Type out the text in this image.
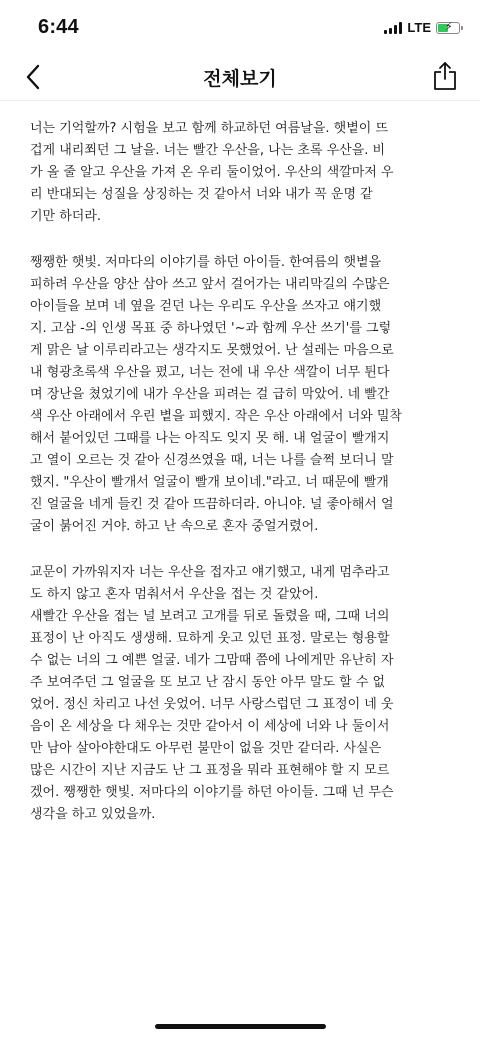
6:44	LTE ⚡
전체보기

너는 기억할까? 시험을 보고 함께 하교하던 여름날을. 햇볕이 뜨
겁게 내리쬐던 그 날을. 너는 빨간 우산을, 나는 초록 우산을. 비
가 올 줄 알고 우산을 가져 온 우리 둘이었어. 우산의 색깔마저 우
리 반대되는 성질을 상징하는 것 같아서 너와 내가 꼭 운명 같
기만 하더라.

쨍쨍한 햇빛. 저마다의 이야기를 하던 아이들. 한여름의 햇볕을
피하려 우산을 양산 삼아 쓰고 앞서 걸어가는 내리막길의 수많은
아이들을 보며 네 옆을 걷던 나는 우리도 우산을 쓰자고 얘기했
지. 고삼 -의 인생 목표 중 하나였던 '~과 함께 우산 쓰기'를 그렇
게 맑은 날 이루리라고는 생각지도 못했었어. 난 설레는 마음으로
내 형광초록색 우산을 폈고, 너는 전에 내 우산 색깔이 너무 튄다
며 장난을 쳤었기에 내가 우산을 피려는 걸 급히 막았어. 네 빨간
색 우산 아래에서 우린 볕을 피했지. 작은 우산 아래에서 너와 밀착
해서 붙어있던 그때를 나는 아직도 잊지 못 해. 내 얼굴이 빨개지
고 열이 오르는 것 같아 신경쓰였을 때, 너는 나를 슬쩍 보더니 말
했지. "우산이 빨개서 얼굴이 빨개 보이네."라고. 너 때문에 빨개
진 얼굴을 네게 들킨 것 같아 뜨끔하더라. 아니야. 널 좋아해서 얼
굴이 붉어진 거야. 하고 난 속으로 혼자 중얼거렸어.

교문이 가까워지자 너는 우산을 접자고 얘기했고, 내게 멈추라고
도 하지 않고 혼자 멈춰서서 우산을 접는 것 같았어.
새빨간 우산을 접는 널 보려고 고개를 뒤로 돌렸을 때, 그때 너의
표정이 난 아직도 생생해. 묘하게 웃고 있던 표정. 말로는 형용할
수 없는 너의 그 예쁜 얼굴. 네가 그맘때 쯤에 나에게만 유난히 자
주 보여주던 그 얼굴을 또 보고 난 잠시 동안 아무 말도 할 수 없
었어. 정신 차리고 나선 웃었어. 너무 사랑스럽던 그 표정이 네 웃
음이 온 세상을 다 채우는 것만 같아서 이 세상에 너와 나 둘이서
만 남아 살아야한대도 아무런 불만이 없을 것만 같더라. 사실은
많은 시간이 지난 지금도 난 그 표정을 뭐라 표현해야 할 지 모르
겠어. 쨍쨍한 햇빛. 저마다의 이야기를 하던 아이들. 그때 넌 무슨
생각을 하고 있었을까.
